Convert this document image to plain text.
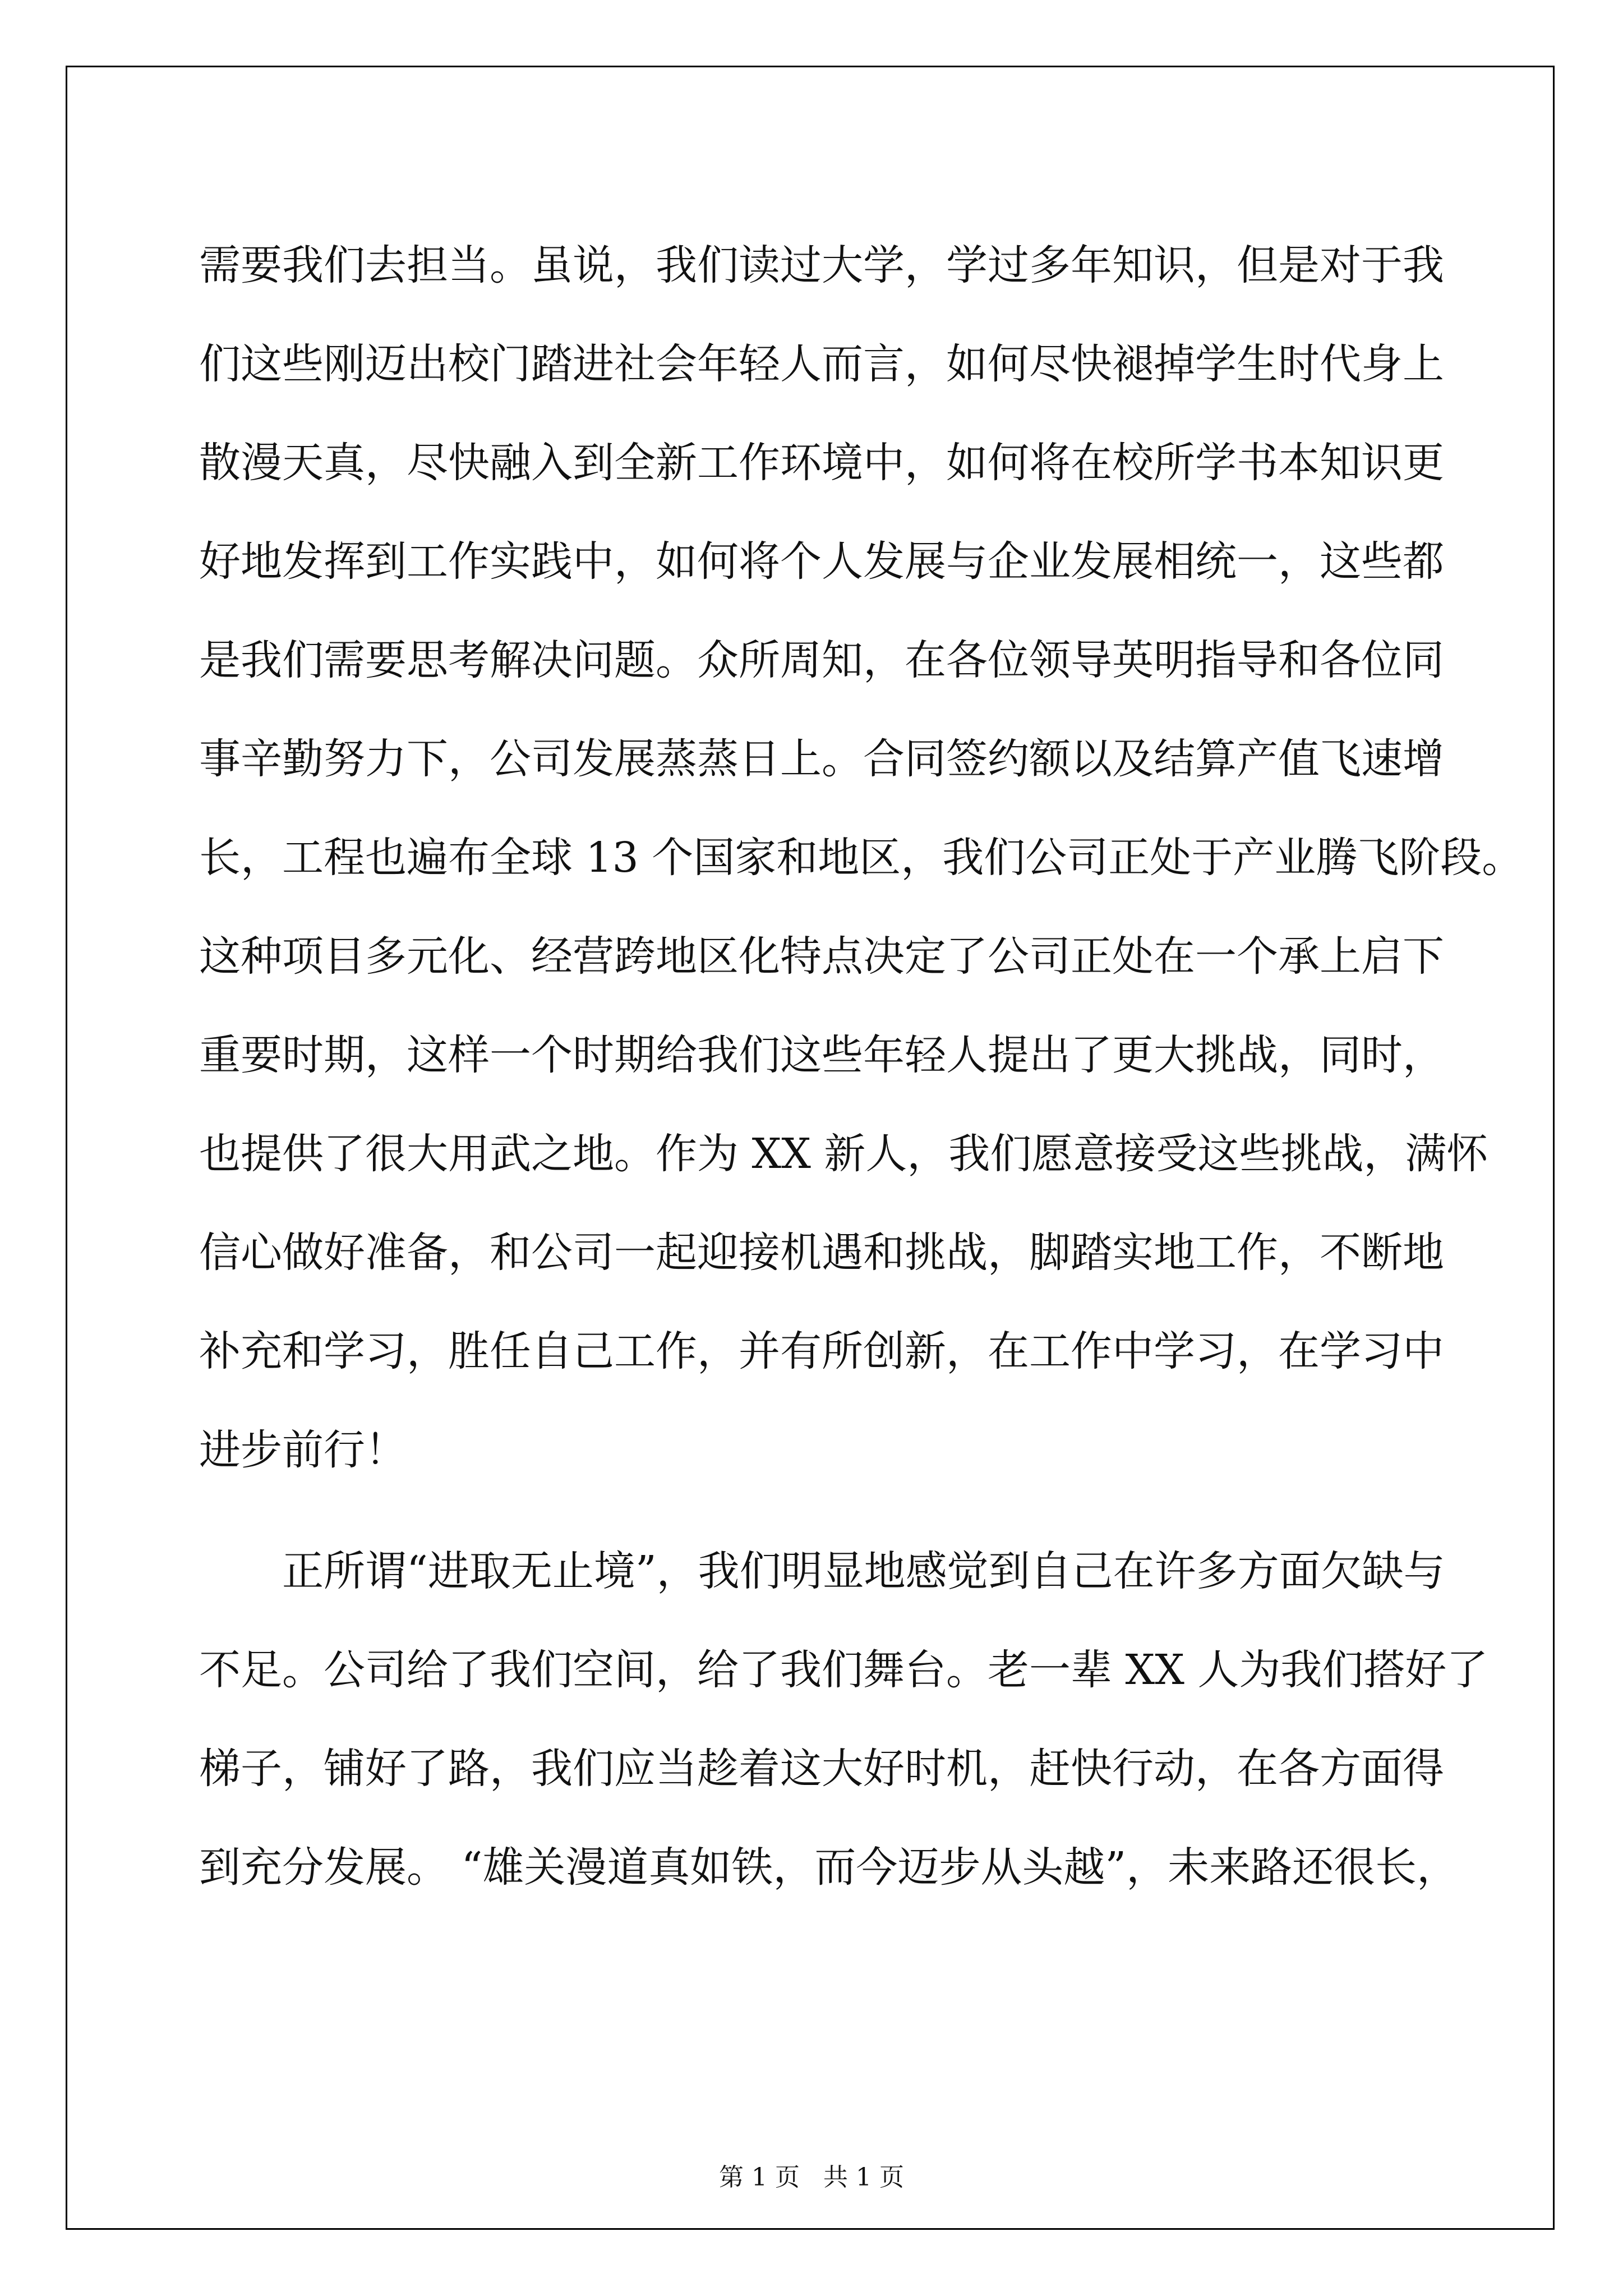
需要我们去担当。虽说，我们读过大学，学过多年知识，但是对于我
们这些刚迈出校门踏进社会年轻人而言，如何尽快褪掉学生时代身上
散漫天真，尽快融入到全新工作环境中，如何将在校所学书本知识更
好地发挥到工作实践中，如何将个人发展与企业发展相统一，这些都
是我们需要思考解决问题。众所周知，在各位领导英明指导和各位同
事辛勤努力下，公司发展蒸蒸日上。合同签约额以及结算产值飞速增
长，工程也遍布全球 13 个国家和地区，我们公司正处于产业腾飞阶段。
这种项目多元化、经营跨地区化特点决定了公司正处在一个承上启下
重要时期，这样一个时期给我们这些年轻人提出了更大挑战，同时，
也提供了很大用武之地。作为 XX 新人，我们愿意接受这些挑战，满怀
信心做好准备，和公司一起迎接机遇和挑战，脚踏实地工作，不断地
补充和学习，胜任自己工作，并有所创新，在工作中学习，在学习中
进步前行！
　　正所谓“进取无止境”，我们明显地感觉到自己在许多方面欠缺与
不足。公司给了我们空间，给了我们舞台。老一辈 XX 人为我们搭好了
梯子，铺好了路，我们应当趁着这大好时机，赶快行动，在各方面得
到充分发展。 “雄关漫道真如铁，而今迈步从头越”，未来路还很长，
第 1 页   共 1 页
